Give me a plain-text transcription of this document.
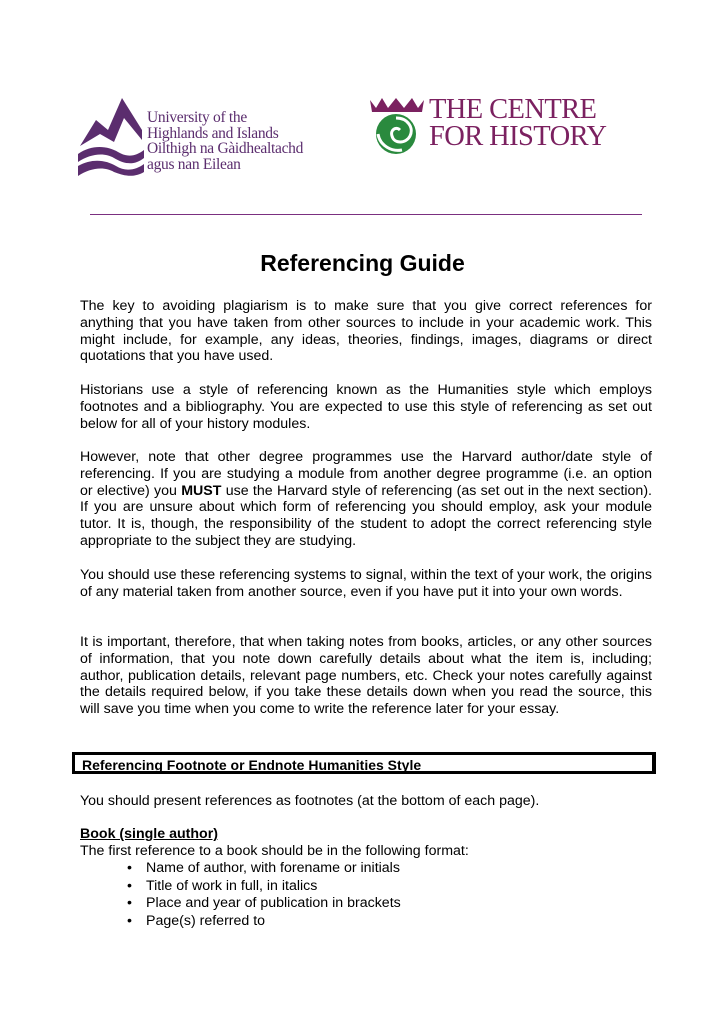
University of the
Highlands and Islands
Oilthigh na Gàidhealtachd
agus nan Eilean
THE CENTRE
FOR HISTORY
Referencing Guide
The key to avoiding plagiarism is to make sure that you give correct references for anything that you have taken from other sources to include in your academic work. This might include, for example, any ideas, theories, findings, images, diagrams or direct quotations that you have used.
Historians use a style of referencing known as the Humanities style which employs footnotes and a bibliography. You are expected to use this style of referencing as set out below for all of your history modules.
However, note that other degree programmes use the Harvard author/date style of referencing. If you are studying a module from another degree programme (i.e. an option or elective) you MUST use the Harvard style of referencing (as set out in the next section). If you are unsure about which form of referencing you should employ, ask your module tutor. It is, though, the responsibility of the student to adopt the correct referencing style appropriate to the subject they are studying.
You should use these referencing systems to signal, within the text of your work, the origins of any material taken from another source, even if you have put it into your own words.
It is important, therefore, that when taking notes from books, articles, or any other sources of information, that you note down carefully details about what the item is, including; author, publication details, relevant page numbers, etc. Check your notes carefully against the details required below, if you take these details down when you read the source, this will save you time when you come to write the reference later for your essay.
Referencing Footnote or Endnote Humanities Style
You should present references as footnotes (at the bottom of each page).
Book (single author)
The first reference to a book should be in the following format:
• Name of author, with forename or initials
• Title of work in full, in italics
• Place and year of publication in brackets
• Page(s) referred to
